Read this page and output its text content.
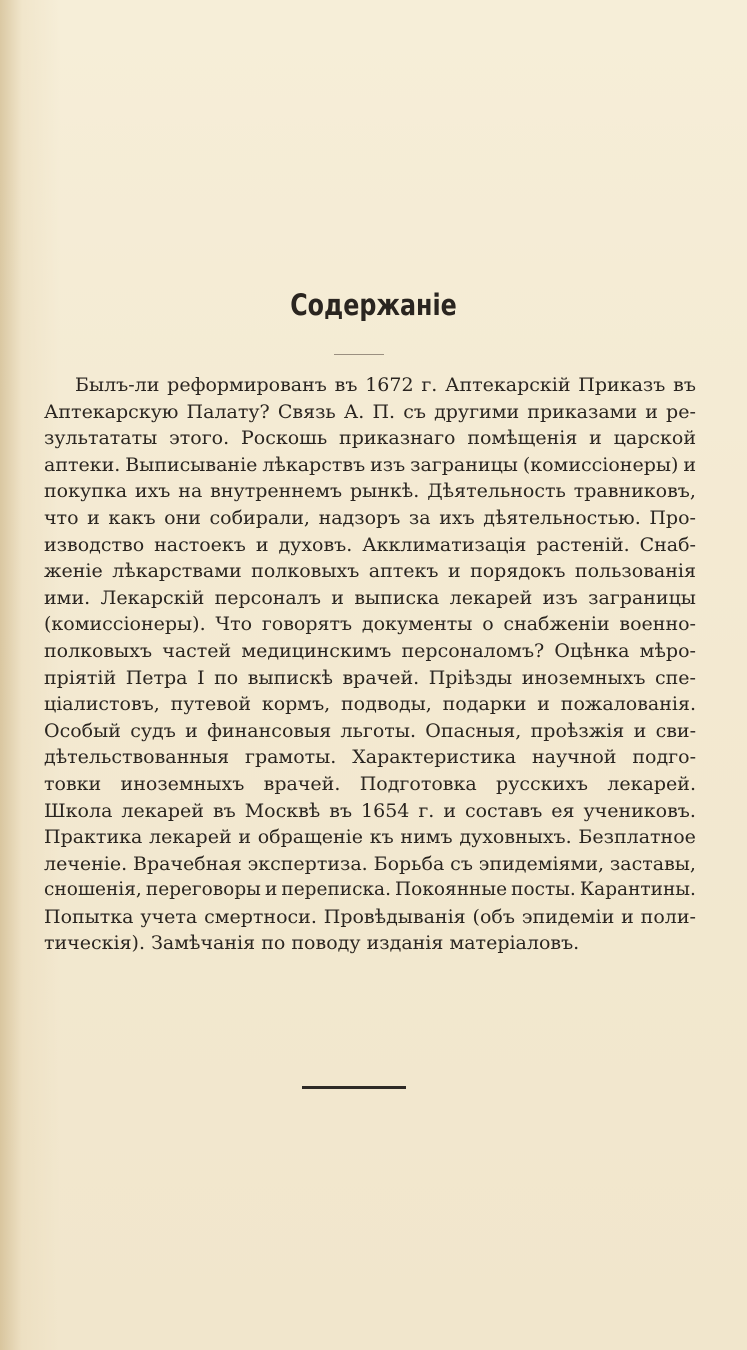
Содержанiе
Былъ-ли реформированъ въ 1672 г. Аптекарскiй Приказъ въ
Аптекарскую Палату? Связь А. П. съ другими приказами и ре-
зультататы этого. Роскошь приказнаго помѣщенiя и царской
аптеки. Выписыванiе лѣкарствъ изъ заграницы (комиссiонеры) и
покупка ихъ на внутреннемъ рынкѣ. Дѣятельность травниковъ,
что и какъ они собирали, надзоръ за ихъ дѣятельностью. Про-
изводство настоекъ и духовъ. Акклиматизацiя растенiй. Снаб-
женiе лѣкарствами полковыхъ аптекъ и порядокъ пользованiя
ими. Лекарскiй персоналъ и выписка лекарей изъ заграницы
(комиссiонеры). Что говорятъ документы о снабженiи военно-
полковыхъ частей медицинскимъ персоналомъ? Оцѣнка мѣро-
прiятiй Петра I по выпискѣ врачей. Прiѣзды иноземныхъ спе-
цiалистовъ, путевой кормъ, подводы, подарки и пожалованiя.
Особый судъ и финансовыя льготы. Опасныя, проѣзжiя и сви-
дѣтельствованныя грамоты. Характеристика научной подго-
товки иноземныхъ врачей. Подготовка русскихъ лекарей.
Школа лекарей въ Москвѣ въ 1654 г. и составъ ея учениковъ.
Практика лекарей и обращенiе къ нимъ духовныхъ. Безплатное
леченiе. Врачебная экспертиза. Борьба съ эпидемiями, заставы,
сношенiя, переговоры и переписка. Покоянные посты. Карантины.
Попытка учета смертноси. Провѣдыванiя (объ эпидемiи и поли-
тическiя). Замѣчанiя по поводу изданiя матерiаловъ.
